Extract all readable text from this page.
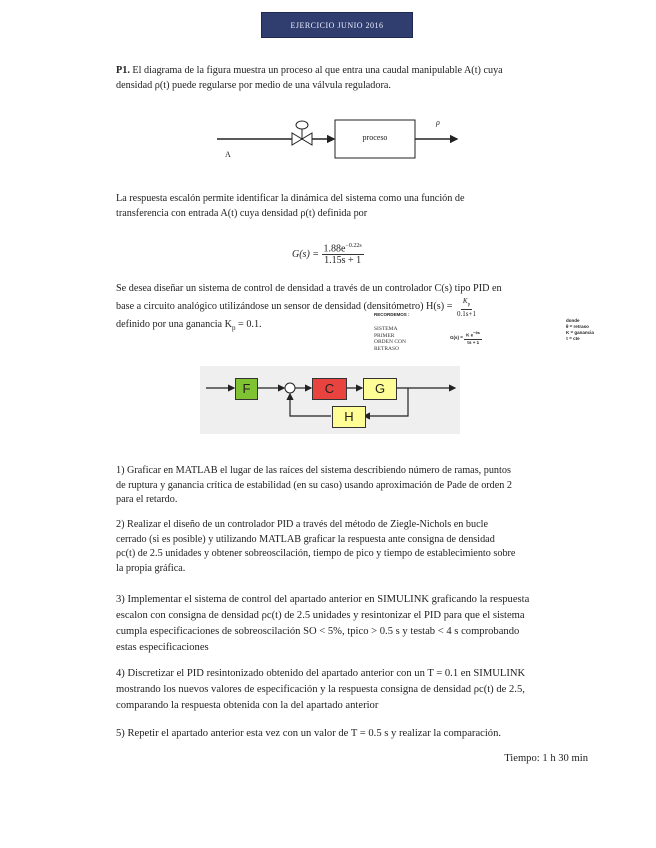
EJERCICIO JUNIO 2016
P1. El diagrama de la figura muestra un proceso al que entra una caudal manipulable A(t) cuya
densidad ρ(t) puede regularse por medio de una válvula reguladora.
proceso
A
ρ
La respuesta escalón permite identificar la dinámica del sistema como una función de
transferencia con entrada A(t) cuya densidad ρ(t) definida por
G(s) =
$\frac{1.88e^{-0.22s}}{1.15s + 1}$
Se desea diseñar un sistema de control de densidad a través de un controlador C(s) tipo PID en
base a circuito analógico utilizándose un sensor de densidad (densitómetro) H(s) =
$\frac{K_p}{0.1s+1}$
definido por una ganancia $K_p = 0.1$.
RECORDEMOS :
SISTEMA
PRIMER
ORDEN CON
RETRASO
G(s) =
$\frac{K e^{-\theta s}}{\tau s + 1}$
donde
θ = retraso
K = ganancia
τ = cte
F	C	G
H
1) Graficar en MATLAB el lugar de las raíces del sistema describiendo número de ramas, puntos
de ruptura y ganancia crítica de estabilidad (en su caso) usando aproximación de Pade de orden 2
para el retardo.
2) Realizar el diseño de un controlador PID a través del método de Ziegle-Nichols en bucle
cerrado (si es posible) y utilizando MATLAB graficar la respuesta ante consigna de densidad
ρc(t) de 2.5 unidades y obtener sobreoscilación, tiempo de pico y tiempo de establecimiento sobre
la propia gráfica.
3) Implementar el sistema de control del apartado anterior en SIMULINK graficando la respuesta
escalon con consigna de densidad ρc(t) de 2.5 unidades y resintonizar el PID para que el sistema
cumpla especificaciones de sobreoscilación SO < 5%, tpico > 0.5 s y testab < 4 s comprobando
estas especificaciones
4) Discretizar el PID resintonizado obtenido del apartado anterior con un T = 0.1 en SIMULINK
mostrando los nuevos valores de especificación y la respuesta consigna de densidad ρc(t) de 2.5,
comparando la respuesta obtenida con la del apartado anterior
5) Repetir el apartado anterior esta vez con un valor de T = 0.5 s y realizar la comparación.
Tiempo: 1 h 30 min
